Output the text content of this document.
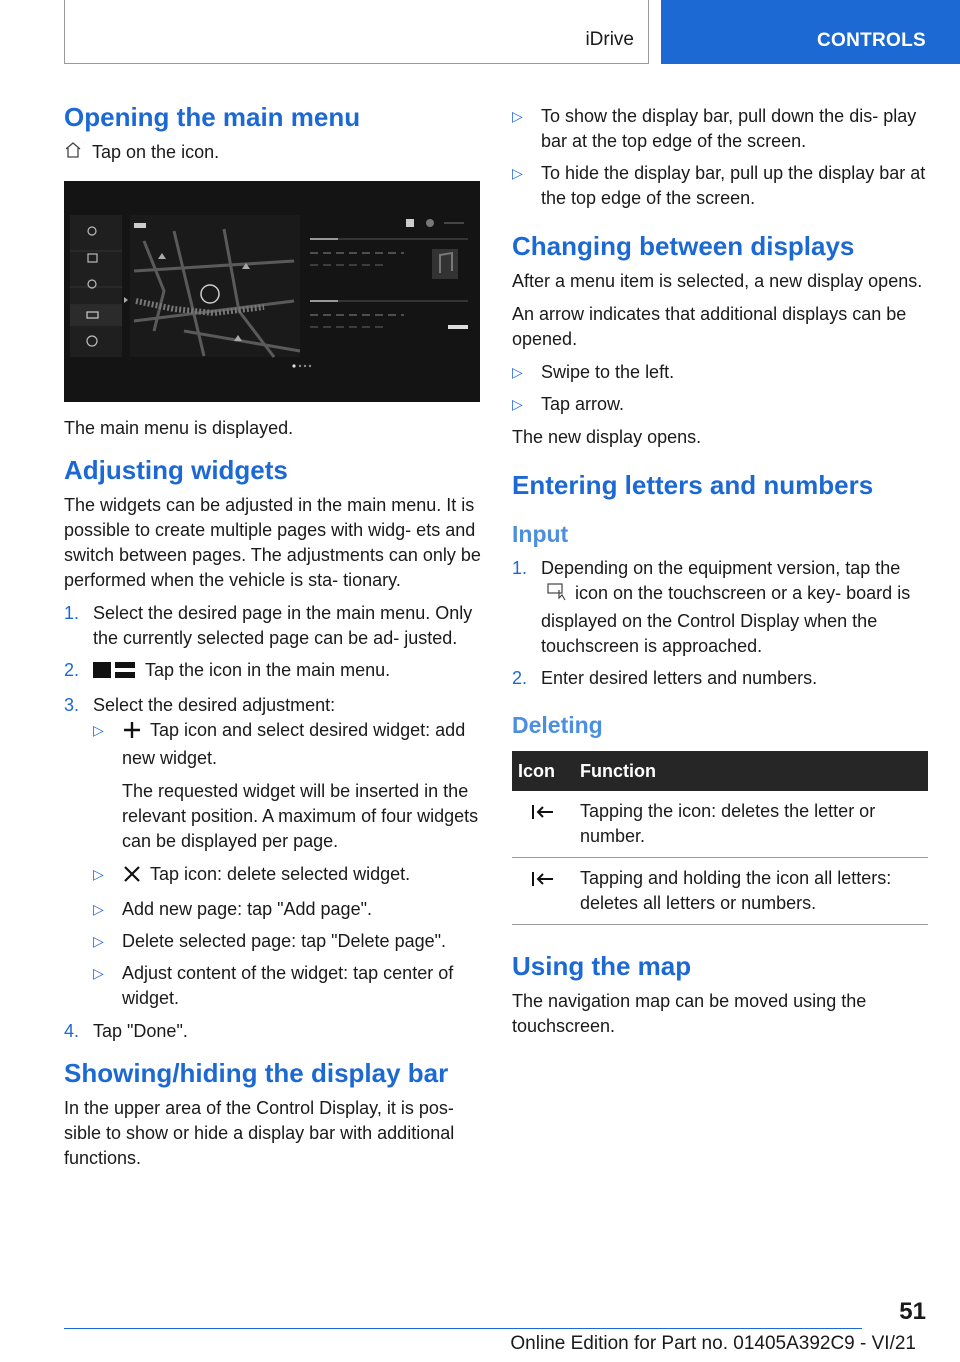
iDrive	CONTROLS
Opening the main menu
Tap on the icon.

The main menu is displayed.

Adjusting widgets

The widgets can be adjusted in the main menu. It is possible to create multiple pages with widg‐ ets and switch between pages. The adjustments can only be performed when the vehicle is sta‐ tionary.

1. Select the desired page in the main menu. Only the currently selected page can be ad‐ justed.
2.	Tap the icon in the main menu.
3. Select the desired adjustment:
▷	Tap icon and select desired widget: add new widget.

The requested widget will be inserted in the relevant position. A maximum of four widgets can be displayed per page.

▷	Tap icon: delete selected widget.
▷ Add new page: tap "Add page".
▷ Delete selected page: tap "Delete page".
▷ Adjust content of the widget: tap center of widget.
4. Tap "Done".
Showing/hiding the display bar

In the upper area of the Control Display, it is pos‐ sible to show or hide a display bar with additional functions.

▷ To show the display bar, pull down the dis‐ play bar at the top edge of the screen.
▷ To hide the display bar, pull up the display bar at the top edge of the screen.
Changing between displays

After a menu item is selected, a new display opens.

An arrow indicates that additional displays can be opened.

▷ Swipe to the left.
▷ Tap arrow.

The new display opens.

Entering letters and numbers
Input
1. Depending on the equipment version, tap the icon on the touchscreen or a key‐ board is displayed on the Control Display when the touchscreen is approached.
2. Enter desired letters and numbers.
Deleting
Icon	Function
	Tapping the icon: deletes the letter or number.
	Tapping and holding the icon all letters: deletes all letters or numbers.
Using the map

The navigation map can be moved using the touchscreen.

51
Online Edition for Part no. 01405A392C9 - VI/21
